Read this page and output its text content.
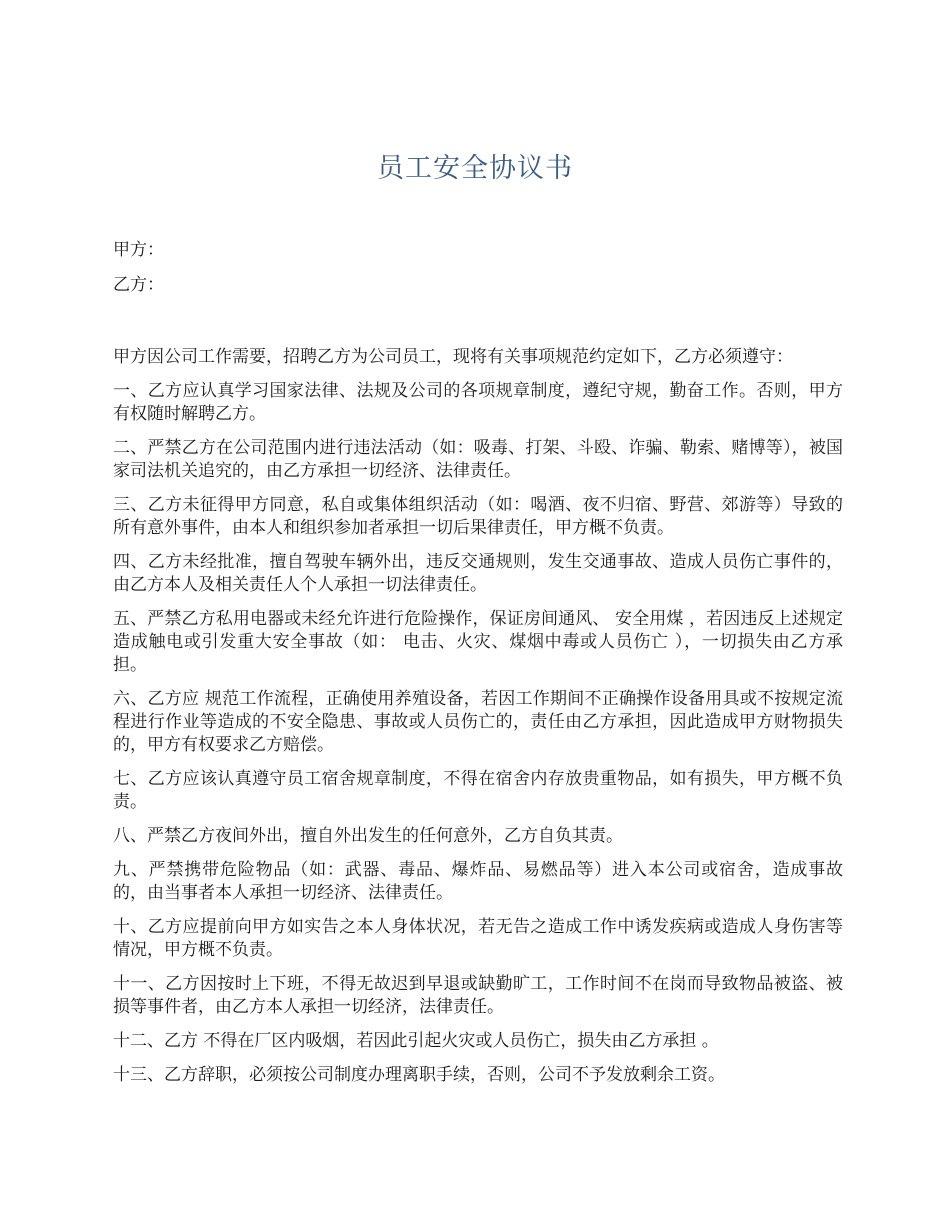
员工安全协议书
甲方：
乙方：

甲方因公司工作需要，招聘乙方为公司员工，现将有关事项规范约定如下，乙方必须遵守：

一、乙方应认真学习国家法律、法规及公司的各项规章制度，遵纪守规，勤奋工作。否则，甲方有权随时解聘乙方。

二、严禁乙方在公司范围内进行违法活动（如：吸毒、打架、斗殴、诈骗、勒索、赌博等），被国家司法机关追究的，由乙方承担一切经济、法律责任。

三、乙方未征得甲方同意，私自或集体组织活动（如：喝酒、夜不归宿、野营、郊游等）导致的所有意外事件，由本人和组织参加者承担一切后果律责任，甲方概不负责。

四、乙方未经批准，擅自驾驶车辆外出，违反交通规则，发生交通事故、造成人员伤亡事件的，由乙方本人及相关责任人个人承担一切法律责任。

五、严禁乙方私用电器或未经允许进行危险操作，保证房间通风、 安全用煤 ，若因违反上述规定造成触电或引发重大安全事故（如： 电击、火灾、煤烟中毒或人员伤亡 ），一切损失由乙方承担。

六、乙方应 规范工作流程，正确使用养殖设备，若因工作期间不正确操作设备用具或不按规定流程进行作业等造成的不安全隐患、事故或人员伤亡的，责任由乙方承担，因此造成甲方财物损失的，甲方有权要求乙方赔偿。

七、乙方应该认真遵守员工宿舍规章制度，不得在宿舍内存放贵重物品，如有损失，甲方概不负责。

八、严禁乙方夜间外出，擅自外出发生的任何意外，乙方自负其责。

九、严禁携带危险物品（如：武器、毒品、爆炸品、易燃品等）进入本公司或宿舍，造成事故的，由当事者本人承担一切经济、法律责任。

十、乙方应提前向甲方如实告之本人身体状况，若无告之造成工作中诱发疾病或造成人身伤害等情况，甲方概不负责。

十一、乙方因按时上下班，不得无故迟到早退或缺勤旷工，工作时间不在岗而导致物品被盗、被损等事件者，由乙方本人承担一切经济，法律责任。

十二、乙方 不得在厂区内吸烟，若因此引起火灾或人员伤亡，损失由乙方承担 。

十三、乙方辞职，必须按公司制度办理离职手续，否则，公司不予发放剩余工资。
